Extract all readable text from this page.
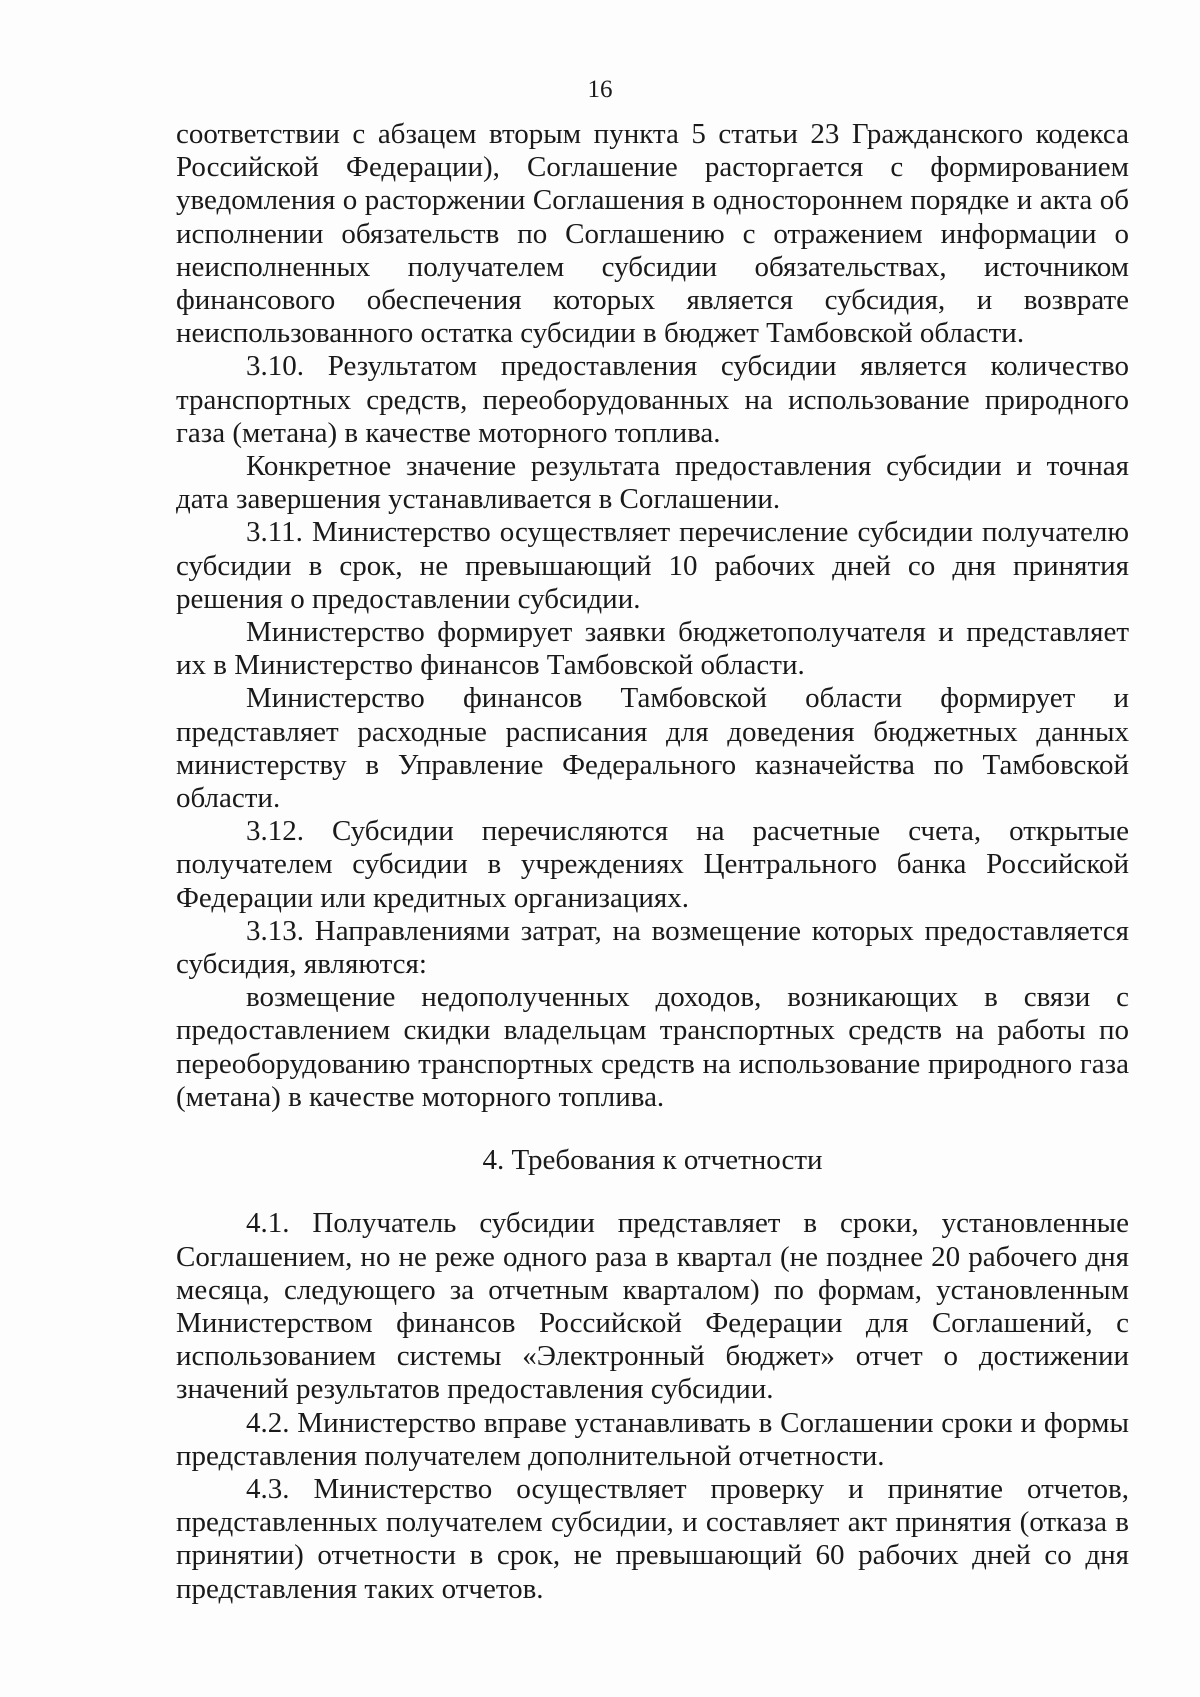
16

соответствии с абзацем вторым пункта 5 статьи 23 Гражданского кодекса Российской Федерации), Соглашение расторгается с формированием уведомления о расторжении Соглашения в одностороннем порядке и акта об исполнении обязательств по Соглашению с отражением информации о неисполненных получателем субсидии обязательствах, источником финансового обеспечения которых является субсидия, и возврате неиспользованного остатка субсидии в бюджет Тамбовской области.

3.10. Результатом предоставления субсидии является количество транспортных средств, переоборудованных на использование природного газа (метана) в качестве моторного топлива.

Конкретное значение результата предоставления субсидии и точная дата завершения устанавливается в Соглашении.

3.11. Министерство осуществляет перечисление субсидии получателю субсидии в срок, не превышающий 10 рабочих дней со дня принятия решения о предоставлении субсидии.

Министерство формирует заявки бюджетополучателя и представляет их в Министерство финансов Тамбовской области.

Министерство финансов Тамбовской области формирует и представляет расходные расписания для доведения бюджетных данных министерству в Управление Федерального казначейства по Тамбовской области.

3.12. Субсидии перечисляются на расчетные счета, открытые получателем субсидии в учреждениях Центрального банка Российской Федерации или кредитных организациях.

3.13. Направлениями затрат, на возмещение которых предоставляется субсидия, являются:

возмещение недополученных доходов, возникающих в связи с предоставлением скидки владельцам транспортных средств на работы по переоборудованию транспортных средств на использование природного газа (метана) в качестве моторного топлива.

4. Требования к отчетности

4.1. Получатель субсидии представляет в сроки, установленные Соглашением, но не реже одного раза в квартал (не позднее 20 рабочего дня месяца, следующего за отчетным кварталом) по формам, установленным Министерством финансов Российской Федерации для Соглашений, с использованием системы «Электронный бюджет» отчет о достижении значений результатов предоставления субсидии.

4.2. Министерство вправе устанавливать в Соглашении сроки и формы представления получателем дополнительной отчетности.

4.3. Министерство осуществляет проверку и принятие отчетов, представленных получателем субсидии, и составляет акт принятия (отказа в принятии) отчетности в срок, не превышающий 60 рабочих дней со дня представления таких отчетов.
